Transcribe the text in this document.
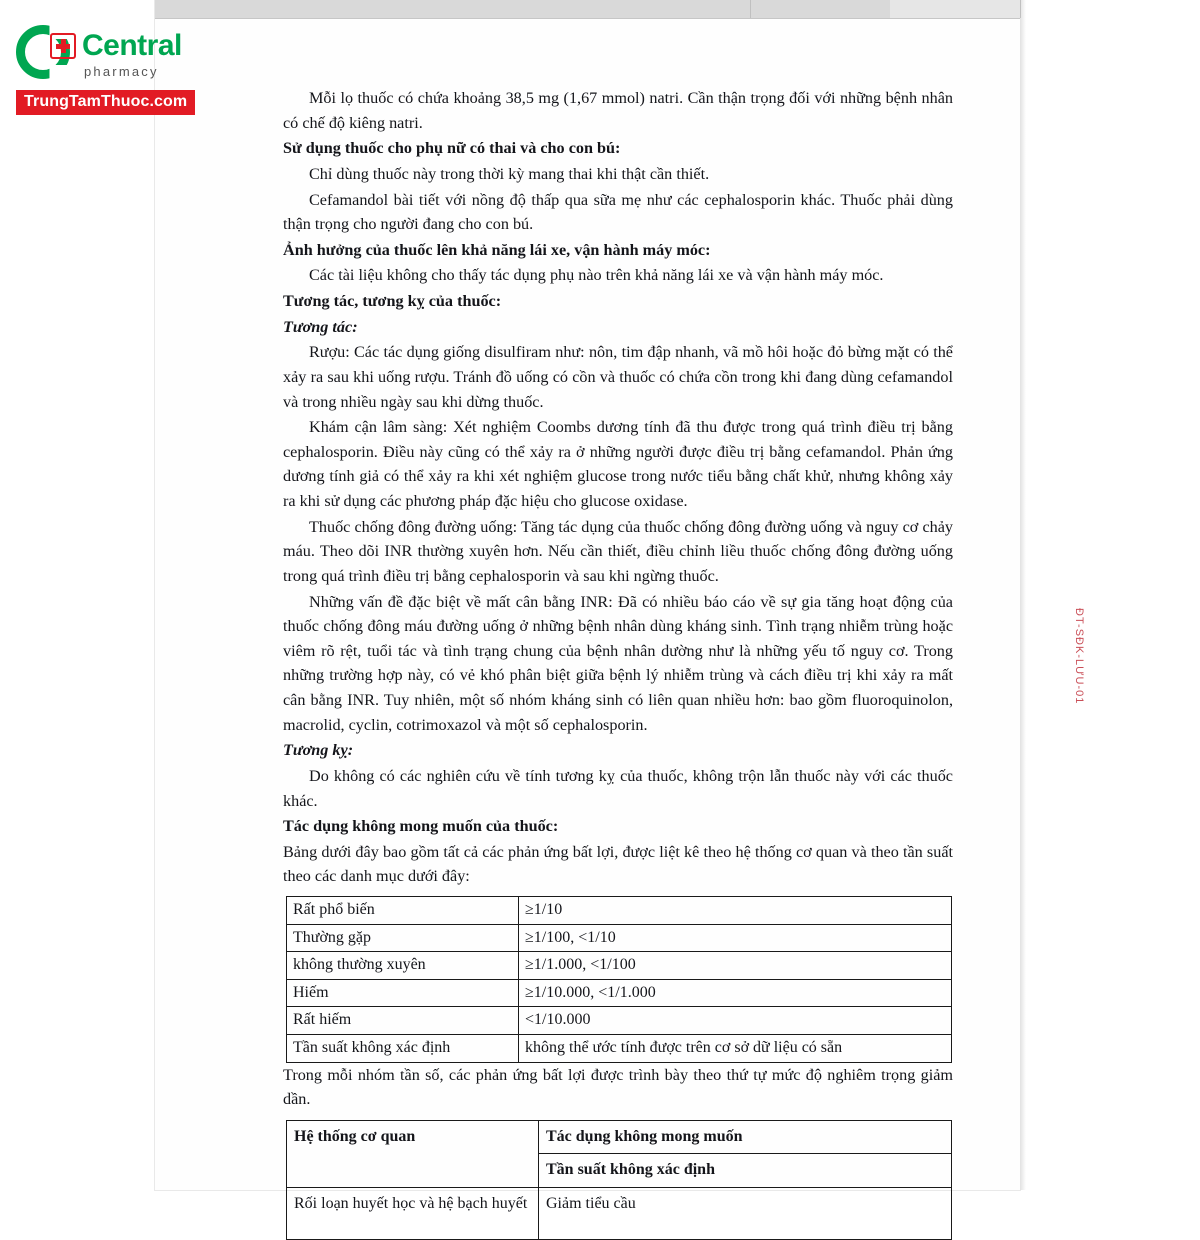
Central
pharmacy
TrungTamThuoc.com	Mỗi lọ thuốc có chứa khoảng 38,5 mg (1,67 mmol) natri. Cần thận trọng đối với những bệnh nhân có chế độ kiêng natri.

Sử dụng thuốc cho phụ nữ có thai và cho con bú:

Chỉ dùng thuốc này trong thời kỳ mang thai khi thật cần thiết.

Cefamandol bài tiết với nồng độ thấp qua sữa mẹ như các cephalosporin khác. Thuốc phải dùng thận trọng cho người đang cho con bú.

Ảnh hưởng của thuốc lên khả năng lái xe, vận hành máy móc:

Các tài liệu không cho thấy tác dụng phụ nào trên khả năng lái xe và vận hành máy móc.

Tương tác, tương kỵ của thuốc:

Tương tác:

Rượu: Các tác dụng giống disulfiram như: nôn, tim đập nhanh, vã mồ hôi hoặc đỏ bừng mặt có thể xảy ra sau khi uống rượu. Tránh đồ uống có cồn và thuốc có chứa cồn trong khi đang dùng cefamandol và trong nhiều ngày sau khi dừng thuốc.

Khám cận lâm sàng: Xét nghiệm Coombs dương tính đã thu được trong quá trình điều trị bằng cephalosporin. Điều này cũng có thể xảy ra ở những người được điều trị bằng cefamandol. Phản ứng dương tính giả có thể xảy ra khi xét nghiệm glucose trong nước tiểu bằng chất khử, nhưng không xảy ra khi sử dụng các phương pháp đặc hiệu cho glucose oxidase.

Thuốc chống đông đường uống: Tăng tác dụng của thuốc chống đông đường uống và nguy cơ chảy máu. Theo dõi INR thường xuyên hơn. Nếu cần thiết, điều chỉnh liều thuốc chống đông đường uống trong quá trình điều trị bằng cephalosporin và sau khi ngừng thuốc.

Những vấn đề đặc biệt về mất cân bằng INR: Đã có nhiều báo cáo về sự gia tăng hoạt động của thuốc chống đông máu đường uống ở những bệnh nhân dùng kháng sinh. Tình trạng nhiễm trùng hoặc viêm rõ rệt, tuổi tác và tình trạng chung của bệnh nhân dường như là những yếu tố nguy cơ. Trong những trường hợp này, có vẻ khó phân biệt giữa bệnh lý nhiễm trùng và cách điều trị khi xảy ra mất cân bằng INR. Tuy nhiên, một số nhóm kháng sinh có liên quan nhiều hơn: bao gồm fluoroquinolon, macrolid, cyclin, cotrimoxazol và một số cephalosporin.

Tương kỵ:

Do không có các nghiên cứu về tính tương kỵ của thuốc, không trộn lẫn thuốc này với các thuốc khác.

Tác dụng không mong muốn của thuốc:

Bảng dưới đây bao gồm tất cả các phản ứng bất lợi, được liệt kê theo hệ thống cơ quan và theo tần suất theo các danh mục dưới đây:

Rất phổ biến	≥1/10
Thường gặp	≥1/100, <1/10
không thường xuyên	≥1/1.000, <1/100
Hiếm	≥1/10.000, <1/1.000
Rất hiếm	<1/10.000
Tần suất không xác định	không thể ước tính được trên cơ sở dữ liệu có sẵn

Trong mỗi nhóm tần số, các phản ứng bất lợi được trình bày theo thứ tự mức độ nghiêm trọng giảm dần.

Hệ thống cơ quan	Tác dụng không mong muốn
	Tần suất không xác định
Rối loạn huyết học và hệ bạch huyết	Giảm tiểu cầu
ĐT-SĐK-LƯU-01
